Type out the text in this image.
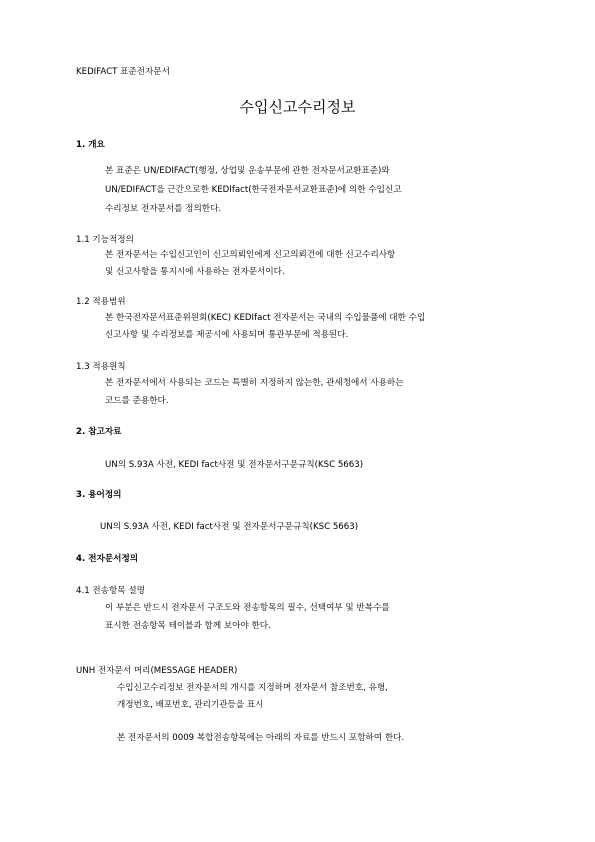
KEDIFACT 표준전자문서
수입신고수리정보
1. 개요
본 표준은 UN/EDIFACT(행정, 상업및 운송부문에 관한 전자문서교환표준)와
UN/EDIFACT을 근간으로한 KEDIfact(한국전자문서교환표준)에 의한 수입신고
수리정보 전자문서를 정의한다.
1.1 기능적정의
본 전자문서는 수입신고인이 신고의뢰인에게 신고의뢰건에 대한 신고수리사항
및 신고사항을 통지시에 사용하는 전자문서이다.
1.2 적용범위
본 한국전자문서표준위원회(KEC) KEDIfact 전자문서는 국내의 수입물품에 대한 수입
신고사항 및 수리정보를 제공시에 사용되며 통관부문에 적용된다.
1.3 적용원칙
본 전자문서에서 사용되는 코드는 특별히 지정하지 않는한, 관세청에서 사용하는
코드를 준용한다.
2. 참고자료
UN의 S.93A 사전, KEDI fact사전 및 전자문서구문규칙(KSC 5663)
3. 용어정의
UN의 S.93A 사전, KEDI fact사전 및 전자문서구문규칙(KSC 5663)
4. 전자문서정의
4.1 전송항목 설명
이 부분은 반드시 전자문서 구조도와 전송항목의 필수, 선택여부 및 반복수를
표시한 전송항목 테이블과 함께 보아야 한다.
UNH 전자문서 머리(MESSAGE HEADER)
수입신고수리정보 전자문서의 개시를 지정하며 전자문서 참조번호, 유형,
개정번호, 배포번호, 관리기관등을 표시
본 전자문서의 0009 복합전송항목에는 아래의 자료를 반드시 포함하여 한다.
